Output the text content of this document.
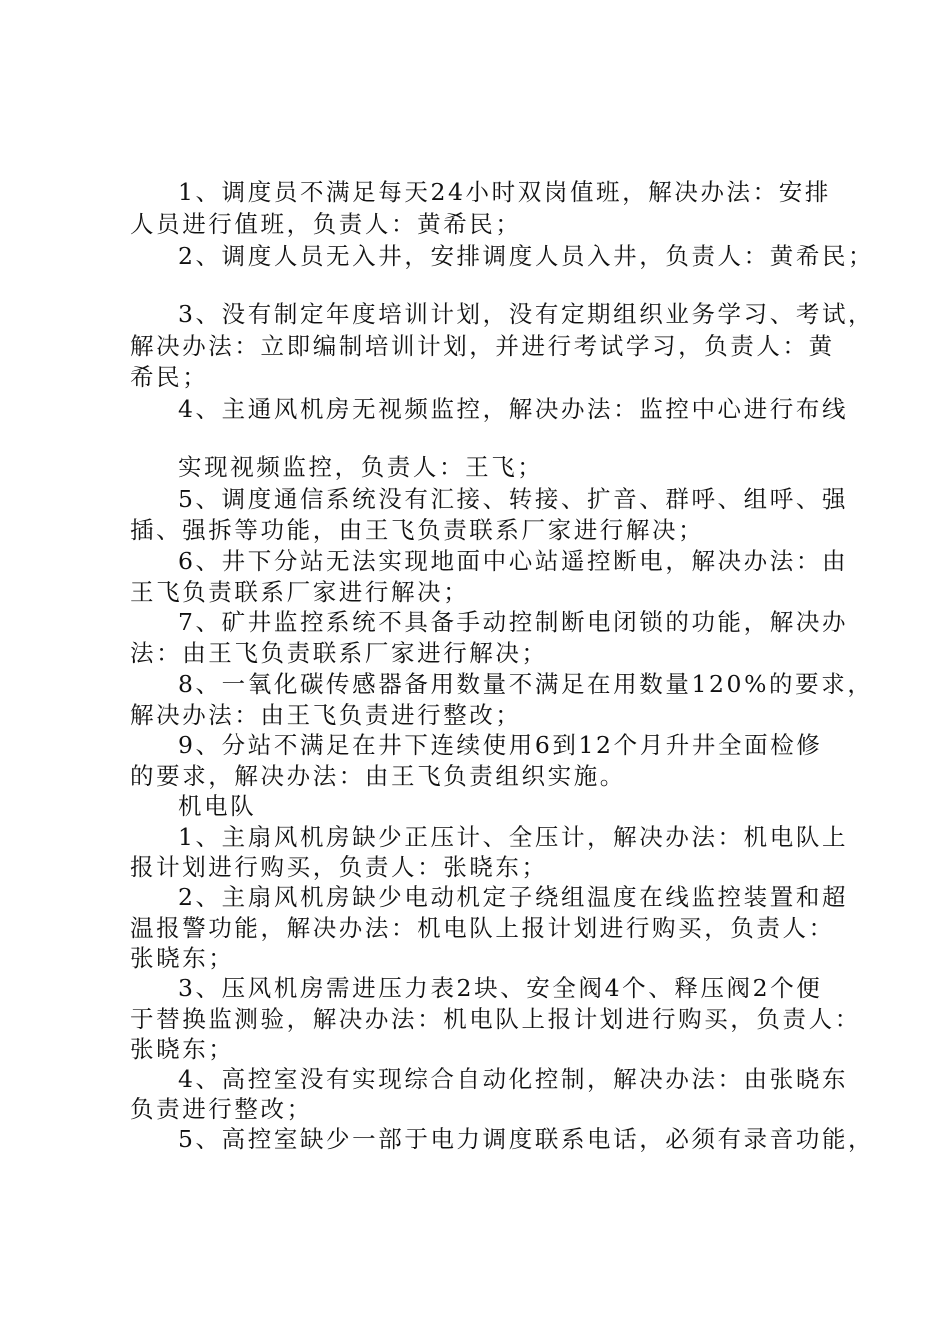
1、调度员不满足每天24小时双岗值班，解决办法：安排
人员进行值班，负责人：黄希民；
2、调度人员无入井，安排调度人员入井，负责人：黄希民；
3、没有制定年度培训计划，没有定期组织业务学习、考试，
解决办法：立即编制培训计划，并进行考试学习，负责人：黄
希民；
4、主通风机房无视频监控，解决办法：监控中心进行布线
实现视频监控，负责人：王飞；
5、调度通信系统没有汇接、转接、扩音、群呼、组呼、强
插、强拆等功能，由王飞负责联系厂家进行解决；
6、井下分站无法实现地面中心站遥控断电，解决办法：由
王飞负责联系厂家进行解决；
7、矿井监控系统不具备手动控制断电闭锁的功能，解决办
法：由王飞负责联系厂家进行解决；
8、一氧化碳传感器备用数量不满足在用数量120%的要求，
解决办法：由王飞负责进行整改；
9、分站不满足在井下连续使用6到12个月升井全面检修
的要求，解决办法：由王飞负责组织实施。
机电队
1、主扇风机房缺少正压计、全压计，解决办法：机电队上
报计划进行购买，负责人：张晓东；
2、主扇风机房缺少电动机定子绕组温度在线监控装置和超
温报警功能，解决办法：机电队上报计划进行购买，负责人：
张晓东；
3、压风机房需进压力表2块、安全阀4个、释压阀2个便
于替换监测验，解决办法：机电队上报计划进行购买，负责人：
张晓东；
4、高控室没有实现综合自动化控制，解决办法：由张晓东
负责进行整改；
5、高控室缺少一部于电力调度联系电话，必须有录音功能，
